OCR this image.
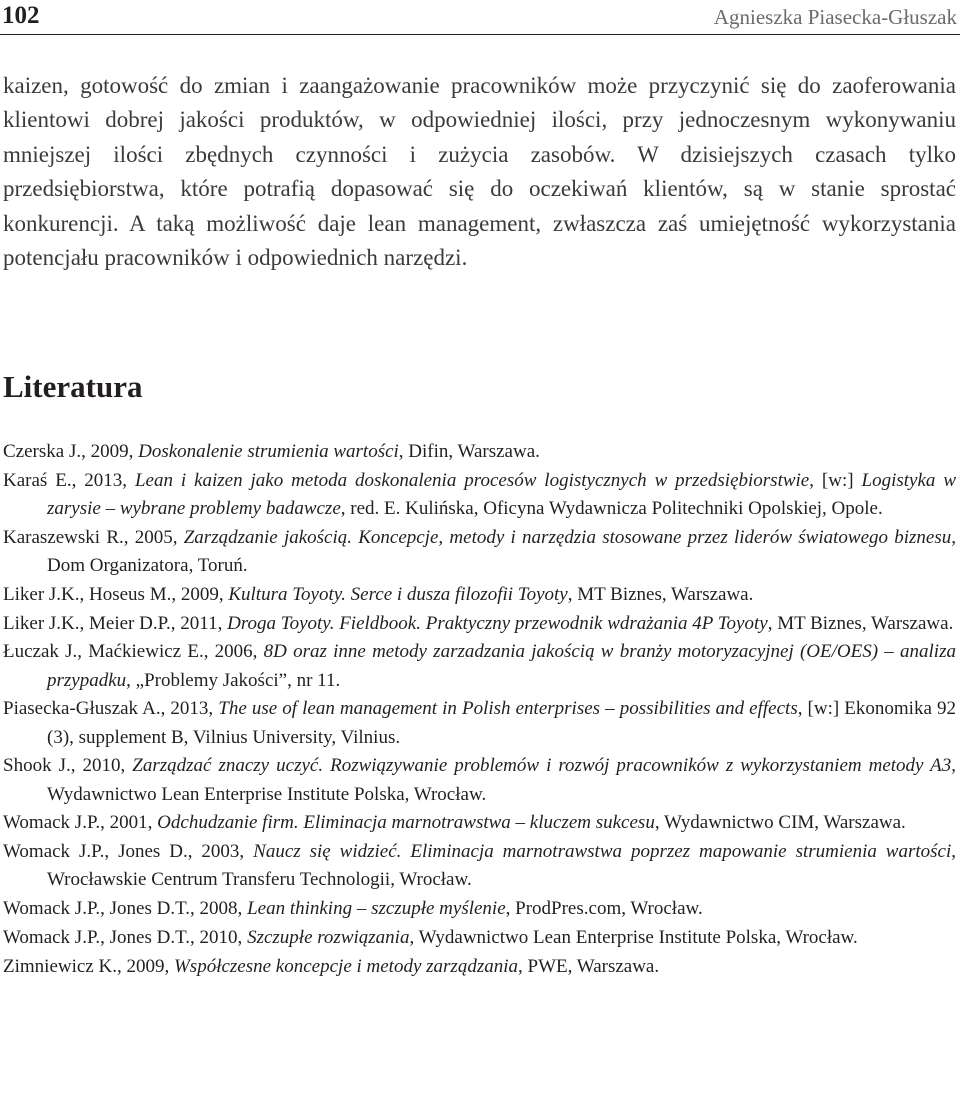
102	Agnieszka Piasecka-Głuszak

kaizen, gotowość do zmian i zaangażowanie pracowników może przyczynić się do zaoferowania klientowi dobrej jakości produktów, w odpowiedniej ilości, przy jednoczesnym wykonywaniu mniejszej ilości zbędnych czynności i zużycia zasobów. W dzisiejszych czasach tylko przedsiębiorstwa, które potrafią dopasować się do oczekiwań klientów, są w stanie sprostać konkurencji. A taką możliwość daje lean management, zwłaszcza zaś umiejętność wykorzystania potencjału pracowników i odpowiednich narzędzi.

Literatura
Czerska J., 2009, Doskonalenie strumienia wartości, Difin, Warszawa.
Karaś E., 2013, Lean i kaizen jako metoda doskonalenia procesów logistycznych w przedsiębiorstwie, [w:] Logistyka w zarysie – wybrane problemy badawcze, red. E. Kulińska, Oficyna Wydawnicza Politechniki Opolskiej, Opole.
Karaszewski R., 2005, Zarządzanie jakością. Koncepcje, metody i narzędzia stosowane przez liderów światowego biznesu, Dom Organizatora, Toruń.
Liker J.K., Hoseus M., 2009, Kultura Toyoty. Serce i dusza filozofii Toyoty, MT Biznes, Warszawa.
Liker J.K., Meier D.P., 2011, Droga Toyoty. Fieldbook. Praktyczny przewodnik wdrażania 4P Toyoty, MT Biznes, Warszawa.
Łuczak J., Maćkiewicz E., 2006, 8D oraz inne metody zarzadzania jakością w branży motoryzacyjnej (OE/OES) – analiza przypadku, „Problemy Jakości”, nr 11.
Piasecka-Głuszak A., 2013, The use of lean management in Polish enterprises – possibilities and effects, [w:] Ekonomika 92 (3), supplement B, Vilnius University, Vilnius.
Shook J., 2010, Zarządzać znaczy uczyć. Rozwiązywanie problemów i rozwój pracowników z wykorzystaniem metody A3, Wydawnictwo Lean Enterprise Institute Polska, Wrocław.
Womack J.P., 2001, Odchudzanie firm. Eliminacja marnotrawstwa – kluczem sukcesu, Wydawnictwo CIM, Warszawa.
Womack J.P., Jones D., 2003, Naucz się widzieć. Eliminacja marnotrawstwa poprzez mapowanie strumienia wartości, Wrocławskie Centrum Transferu Technologii, Wrocław.
Womack J.P., Jones D.T., 2008, Lean thinking – szczupłe myślenie, ProdPres.com, Wrocław.
Womack J.P., Jones D.T., 2010, Szczupłe rozwiązania, Wydawnictwo Lean Enterprise Institute Polska, Wrocław.
Zimniewicz K., 2009, Współczesne koncepcje i metody zarządzania, PWE, Warszawa.
